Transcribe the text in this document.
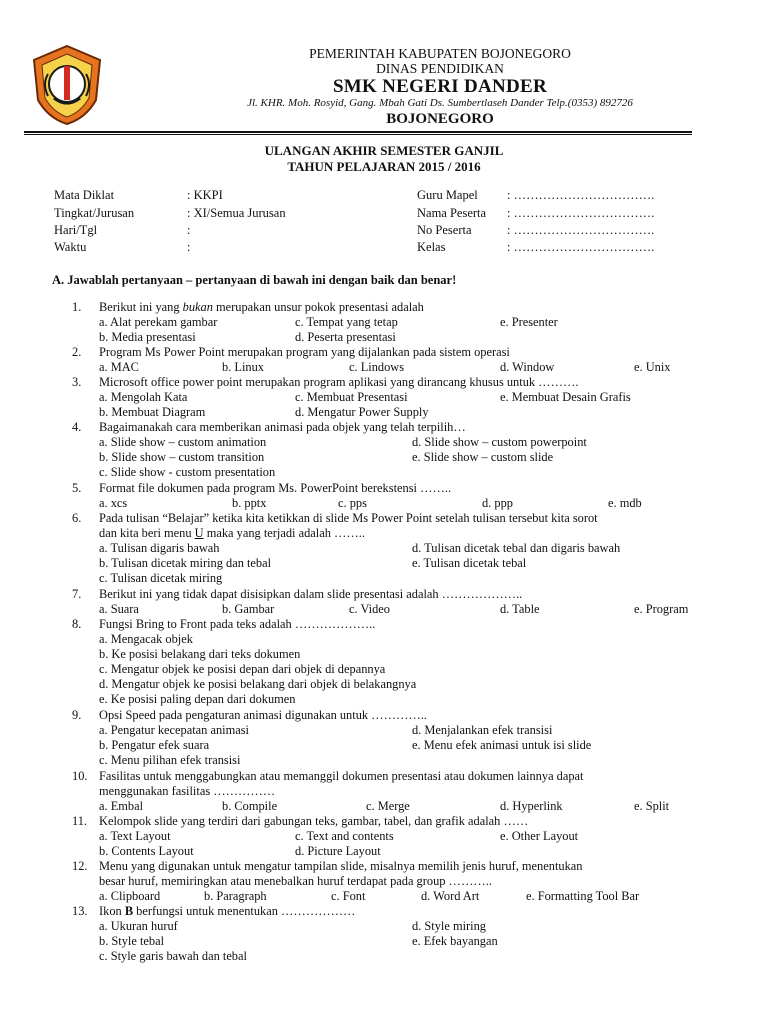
PEMERINTAH KABUPATEN BOJONEGORO
DINAS PENDIDIKAN
SMK NEGERI DANDER
Jl. KHR. Moh. Rosyid, Gang. Mbah Gati Ds. Sumbertlaseh Dander Telp.(0353) 892726
BOJONEGORO
ULANGAN AKHIR SEMESTER GANJIL
TAHUN PELAJARAN 2015 / 2016
Mata Diklat	: KKPI
Tingkat/Jurusan	: XI/Semua Jurusan
Hari/Tgl	:
Waktu	:
Guru Mapel : …………………………….
Nama Peserta : …………………………….
No Peserta	: …………………………….
Kelas	: …………………………….
A. Jawablah pertanyaan – pertanyaan di bawah ini dengan baik dan benar!
1. Berikut ini yang bukan merupakan unsur pokok presentasi adalah
a. Alat perekam gambar	c. Tempat yang tetap	e. Presenter
b. Media presentasi	d. Peserta presentasi
2. Program Ms Power Point merupakan program yang dijalankan pada sistem operasi
a. MAC	b. Linux	c. Lindows	d. Window	e. Unix
3. Microsoft office power point merupakan program aplikasi yang dirancang khusus untuk ……….
a. Mengolah Kata	c. Membuat Presentasi	e. Membuat Desain Grafis
b. Membuat Diagram	d. Mengatur Power Supply
4. Bagaimanakah cara memberikan animasi pada objek yang telah terpilih…
a. Slide show – custom animation	d. Slide show – custom powerpoint
b. Slide show – custom transition	e. Slide show – custom slide
c. Slide show - custom presentation
5. Format file dokumen pada program Ms. PowerPoint berekstensi ……..
a. xcs	b. pptx	c. pps	d. ppp	e. mdb
6. Pada tulisan “Belajar” ketika kita ketikkan di slide Ms Power Point setelah tulisan tersebut kita sorot
dan kita beri menu U maka yang terjadi adalah ……..
a. Tulisan digaris bawah	d. Tulisan dicetak tebal dan digaris bawah
b. Tulisan dicetak miring dan tebal	e. Tulisan dicetak tebal
c. Tulisan dicetak miring
7. Berikut ini yang tidak dapat disisipkan dalam slide presentasi adalah ………………..
a. Suara	b. Gambar	c. Video	d. Table	e. Program
8. Fungsi Bring to Front pada teks adalah ………………..
a. Mengacak objek
b. Ke posisi belakang dari teks dokumen
c. Mengatur objek ke posisi depan dari objek di depannya
d. Mengatur objek ke posisi belakang dari objek di belakangnya
e. Ke posisi paling depan dari dokumen
9. Opsi Speed pada pengaturan animasi digunakan untuk …………..
a. Pengatur kecepatan animasi	d. Menjalankan efek transisi
b. Pengatur efek suara	e. Menu efek animasi untuk isi slide
c. Menu pilihan efek transisi
10. Fasilitas untuk menggabungkan atau memanggil dokumen presentasi atau dokumen lainnya dapat
menggunakan fasilitas ……………
a. Embal	b. Compile	c. Merge	d. Hyperlink	e. Split
11. Kelompok slide yang terdiri dari gabungan teks, gambar, tabel, dan grafik adalah ……
a. Text Layout	c. Text and contents	e. Other Layout
b. Contents Layout	d. Picture Layout
12. Menu yang digunakan untuk mengatur tampilan slide, misalnya memilih jenis huruf, menentukan
besar huruf, memiringkan atau menebalkan huruf terdapat pada group ………..
a. Clipboard	b. Paragraph	c. Font	d. Word Art	e. Formatting Tool Bar
13. Ikon B berfungsi untuk menentukan ………………
a. Ukuran huruf	d. Style miring
b. Style tebal	e. Efek bayangan
c. Style garis bawah dan tebal
